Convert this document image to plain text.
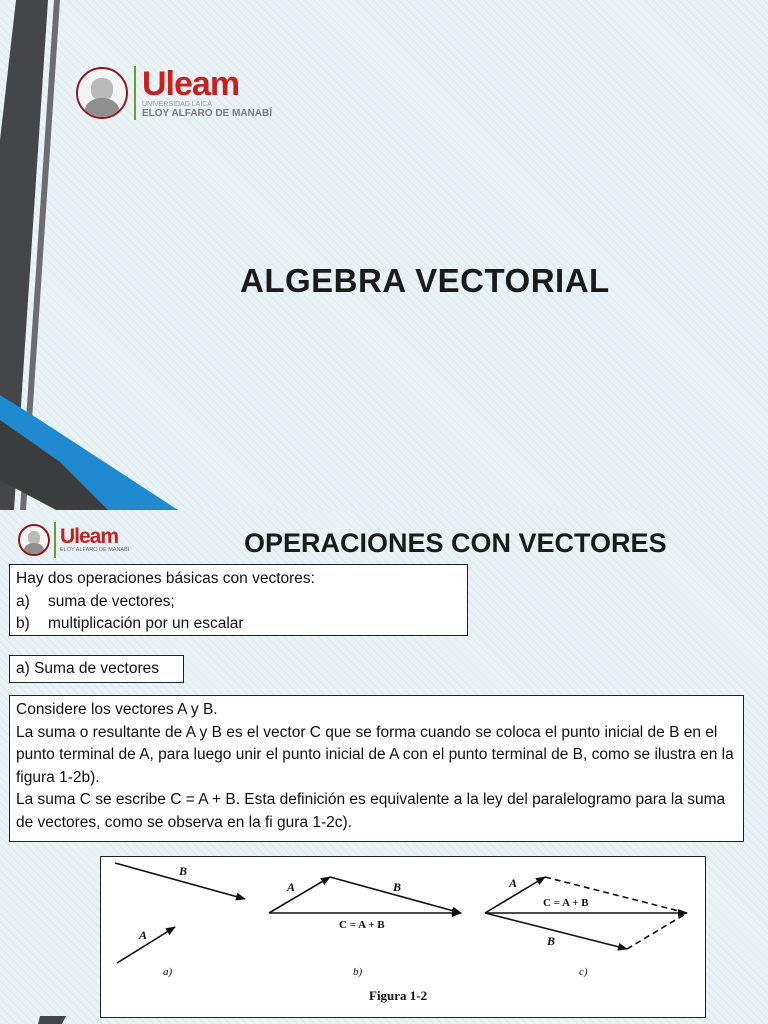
Uleam
UNIVERSIDAD LAICA
ELOY ALFARO DE MANABÍ
ALGEBRA VECTORIAL
Uleam
ELOY ALFARO DE MANABÍ	OPERACIONES CON VECTORES

Hay dos operaciones básicas con vectores:

a)	suma de vectores;
b)	multiplicación por un escalar

a) Suma de vectores

Considere los vectores A y B.

La suma o resultante de A y B es el vector C que se forma cuando se coloca el punto inicial de B en el punto terminal de A, para luego unir el punto inicial de A con el punto terminal de B, como se ilustra en la figura 1-2b).

La suma C se escribe C = A + B. Esta definición es equivalente a la ley del paralelogramo para la suma de vectores, como se observa en la fi gura 1-2c).

B
A
a)
A	B
C = A + B
b)
A
B
C = A + B
c)
Figura 1-2
